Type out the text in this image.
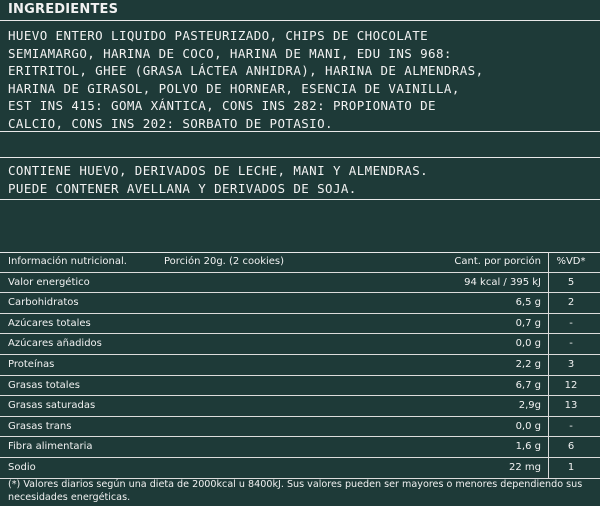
INGREDIENTES
HUEVO ENTERO LIQUIDO PASTEURIZADO, CHIPS DE CHOCOLATE
SEMIAMARGO, HARINA DE COCO, HARINA DE MANI, EDU INS 968:
ERITRITOL, GHEE (GRASA LÁCTEA ANHIDRA), HARINA DE ALMENDRAS,
HARINA DE GIRASOL, POLVO DE HORNEAR, ESENCIA DE VAINILLA,
EST INS 415: GOMA XÁNTICA, CONS INS 282: PROPIONATO DE
CALCIO, CONS INS 202: SORBATO DE POTASIO.
CONTIENE HUEVO, DERIVADOS DE LECHE, MANI Y ALMENDRAS.
PUEDE CONTENER AVELLANA Y DERIVADOS DE SOJA.
Información nutricional.	Porción 20g. (2 cookies)	Cant. por porción %VD*
Valor energético	94 kcal / 395 kJ	5
Carbohidratos	6,5 g	2
Azúcares totales	0,7 g	-
Azúcares añadidos	0,0 g	-
Proteínas	2,2 g	3
Grasas totales	6,7 g	12
Grasas saturadas	2,9g	13
Grasas trans	0,0 g	-
Fibra alimentaria	1,6 g	6
Sodio	22 mg	1
(*) Valores diarios según una dieta de 2000kcal u 8400kJ. Sus valores pueden ser mayores o menores dependiendo sus necesidades energéticas.
